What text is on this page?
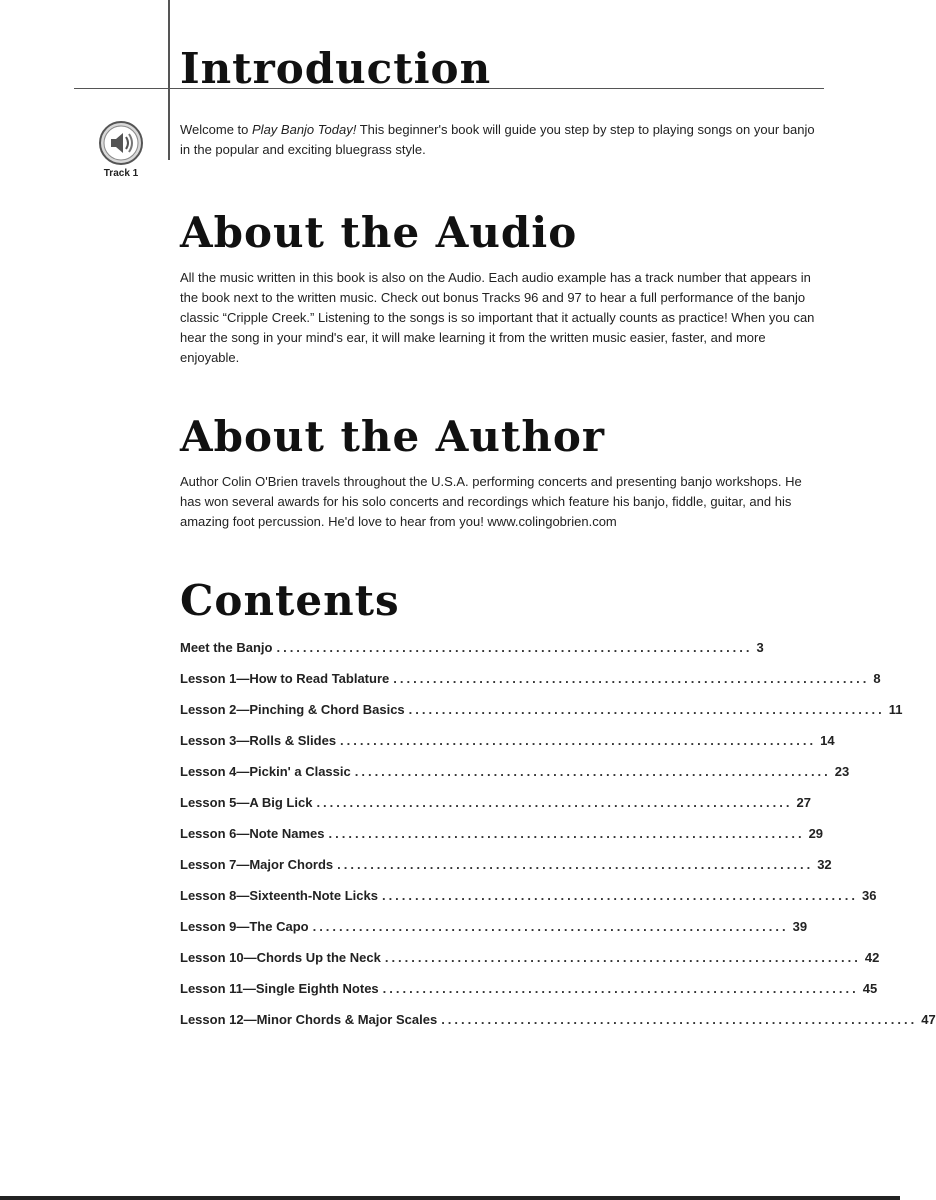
Introduction
Track 1

Welcome to Play Banjo Today! This beginner's book will guide you step by step to playing songs on your banjo in the popular and exciting bluegrass style.

About the Audio

All the music written in this book is also on the Audio. Each audio example has a track number that appears in the book next to the written music. Check out bonus Tracks 96 and 97 to hear a full performance of the banjo classic “Cripple Creek.” Listening to the songs is so important that it actually counts as practice! When you can hear the song in your mind's ear, it will make learning it from the written music easier, faster, and more enjoyable.

About the Author

Author Colin O'Brien travels throughout the U.S.A. performing concerts and presenting banjo workshops. He has won several awards for his solo concerts and recordings which feature his banjo, fiddle, guitar, and his amazing foot percussion. He'd love to hear from you! www.colingobrien.com

Contents
Meet the Banjo ........................................................................ 3
Lesson 1—How to Read Tablature ........................................................................ 8
Lesson 2—Pinching & Chord Basics ........................................................................ 11
Lesson 3—Rolls & Slides ........................................................................ 14
Lesson 4—Pickin' a Classic ........................................................................ 23
Lesson 5—A Big Lick ........................................................................ 27
Lesson 6—Note Names ........................................................................ 29
Lesson 7—Major Chords ........................................................................ 32
Lesson 8—Sixteenth-Note Licks ........................................................................ 36
Lesson 9—The Capo ........................................................................ 39
Lesson 10—Chords Up the Neck ........................................................................ 42
Lesson 11—Single Eighth Notes ........................................................................ 45
Lesson 12—Minor Chords & Major Scales ........................................................................ 47
